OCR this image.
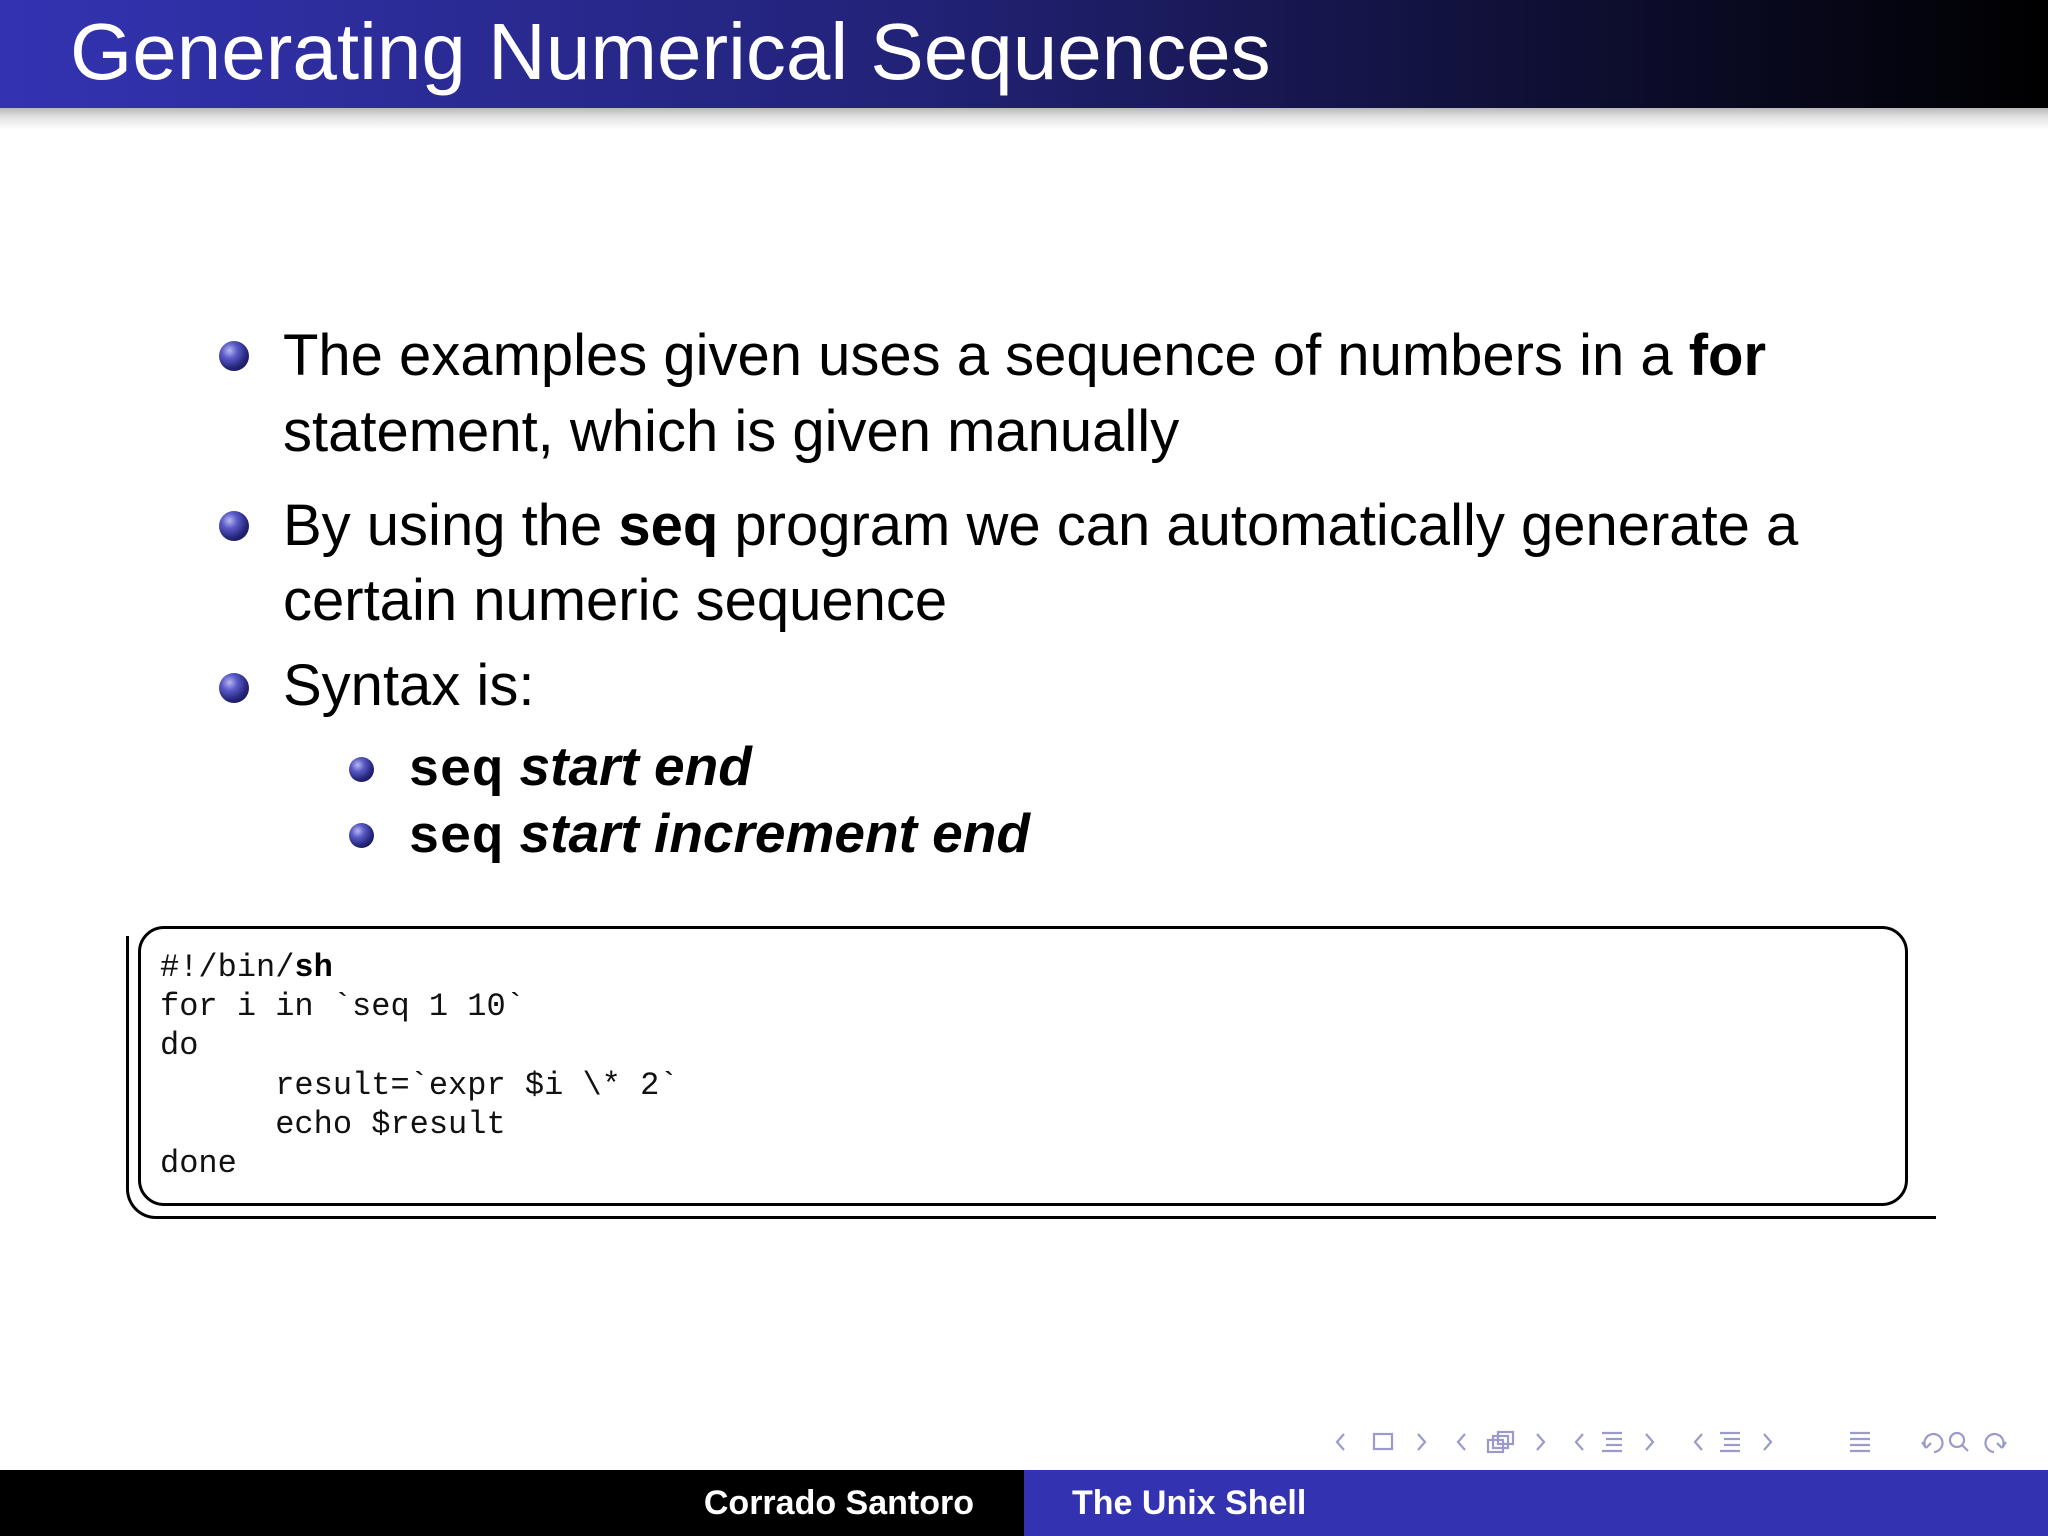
Generating Numerical Sequences
The examples given uses a sequence of numbers in a for
statement, which is given manually
By using the seq program we can automatically generate a
certain numeric sequence
Syntax is:
seq start end
seq start increment end
#!/bin/sh
for i in `seq 1 10`
do
result=`expr $i \* 2`
echo $result
done
Corrado Santoro	The Unix Shell
